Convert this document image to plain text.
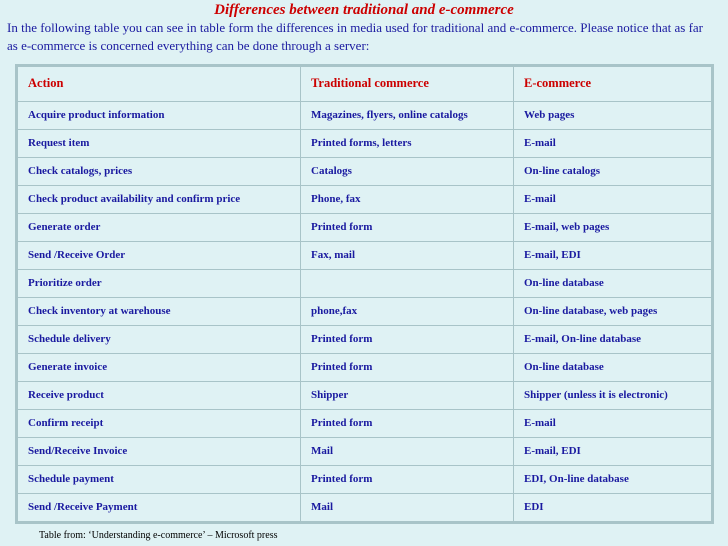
Differences between traditional and e-commerce
In the following table you can see in table form the differences in media used for traditional and e-commerce. Please notice that as far as e-commerce is concerned everything can be done through a server:
Action	Traditional commerce	E-commerce
Acquire product information	Magazines, flyers, online catalogs	Web pages
Request item	Printed forms, letters	E-mail
Check catalogs, prices	Catalogs	On-line catalogs
Check product availability and confirm price	Phone, fax	E-mail
Generate order	Printed form	E-mail, web pages
Send /Receive Order	Fax, mail	E-mail, EDI
Prioritize order		On-line database
Check inventory at warehouse	phone,fax	On-line database, web pages
Schedule delivery	Printed form	E-mail, On-line database
Generate invoice	Printed form	On-line database
Receive product	Shipper	Shipper (unless it is electronic)
Confirm receipt	Printed form	E-mail
Send/Receive Invoice	Mail	E-mail, EDI
Schedule payment	Printed form	EDI, On-line database
Send /Receive Payment	Mail	EDI
Table from: ‘Understanding e-commerce’ – Microsoft press
